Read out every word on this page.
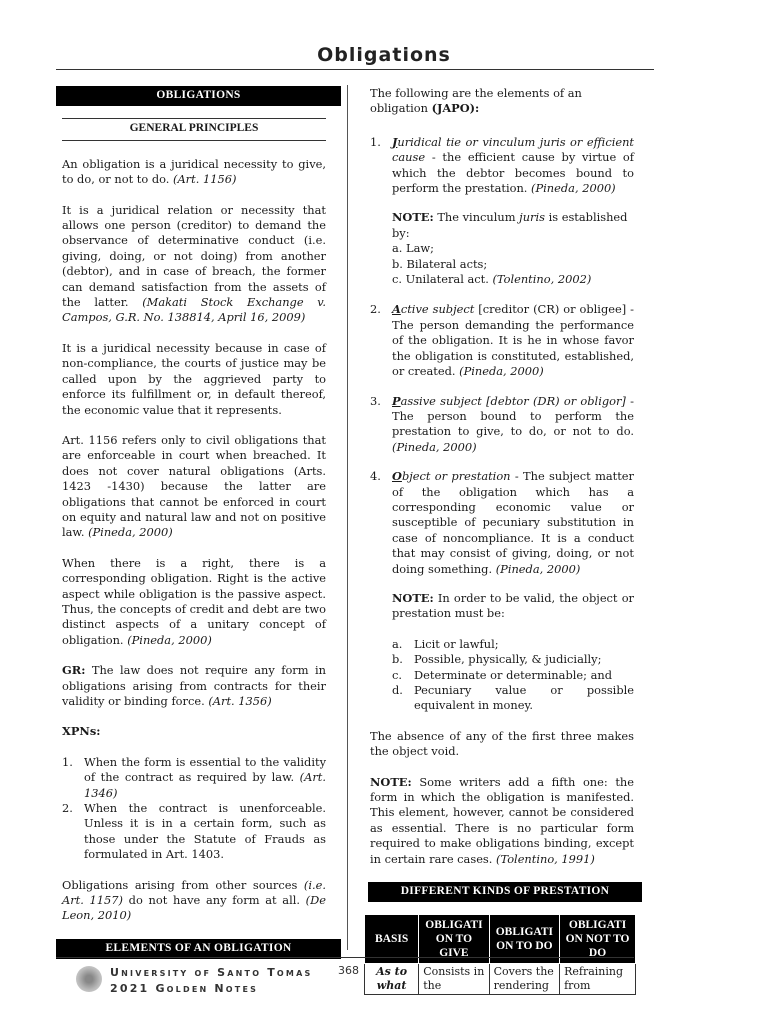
Obligations
OBLIGATIONS
GENERAL PRINCIPLES

An obligation is a juridical necessity to give, to do, or not to do. (Art. 1156)

It is a juridical relation or necessity that allows one person (creditor) to demand the observance of determinative conduct (i.e. giving, doing, or not doing) from another (debtor), and in case of breach, the former can demand satisfaction from the assets of the latter. (Makati Stock Exchange v. Campos, G.R. No. 138814, April 16, 2009)

It is a juridical necessity because in case of non-compliance, the courts of justice may be called upon by the aggrieved party to enforce its fulfillment or, in default thereof, the economic value that it represents.

Art. 1156 refers only to civil obligations that are enforceable in court when breached. It does not cover natural obligations (Arts. 1423 -1430) because the latter are obligations that cannot be enforced in court on equity and natural law and not on positive law. (Pineda, 2000)

When there is a right, there is a corresponding obligation. Right is the active aspect while obligation is the passive aspect. Thus, the concepts of credit and debt are two distinct aspects of a unitary concept of obligation. (Pineda, 2000)

GR: The law does not require any form in obligations arising from contracts for their validity or binding force. (Art. 1356)

XPNs:

1. When the form is essential to the validity of the contract as required by law. (Art. 1346)
2. When the contract is unenforceable. Unless it is in a certain form, such as those under the Statute of Frauds as formulated in Art. 1403.

Obligations arising from other sources (i.e. Art. 1157) do not have any form at all. (De Leon, 2010)

ELEMENTS OF AN OBLIGATION

The following are the elements of an obligation (JAPO):

1. Juridical tie or vinculum juris or efficient cause - the efficient cause by virtue of which the debtor becomes bound to perform the prestation. (Pineda, 2000)
NOTE: The vinculum juris is established by:
a. Law;
b. Bilateral acts;
c. Unilateral act. (Tolentino, 2002)
2. Active subject [creditor (CR) or obligee] - The person demanding the performance of the obligation. It is he in whose favor the obligation is constituted, established, or created. (Pineda, 2000)
3. Passive subject [debtor (DR) or obligor] - The person bound to perform the prestation to give, to do, or not to do. (Pineda, 2000)
4. Object or prestation - The subject matter of the obligation which has a corresponding economic value or susceptible of pecuniary substitution in case of noncompliance. It is a conduct that may consist of giving, doing, or not doing something. (Pineda, 2000)
NOTE: In order to be valid, the object or prestation must be:
a. Licit or lawful;
b. Possible, physically, & judicially;
c. Determinate or determinable; and
d. Pecuniary value or possible equivalent in money.

The absence of any of the first three makes the object void.

NOTE: Some writers add a fifth one: the form in which the obligation is manifested. This element, however, cannot be considered as essential. There is no particular form required to make obligations binding, except in certain rare cases. (Tolentino, 1991)

DIFFERENT KINDS OF PRESTATION
BASIS	OBLIGATI ON TO GIVE	OBLIGATI ON TO DO	OBLIGATI ON NOT TO DO
As to what	Consists in the	Covers the rendering	Refraining from
University of Santo Tomas
2021 Golden Notes
368
